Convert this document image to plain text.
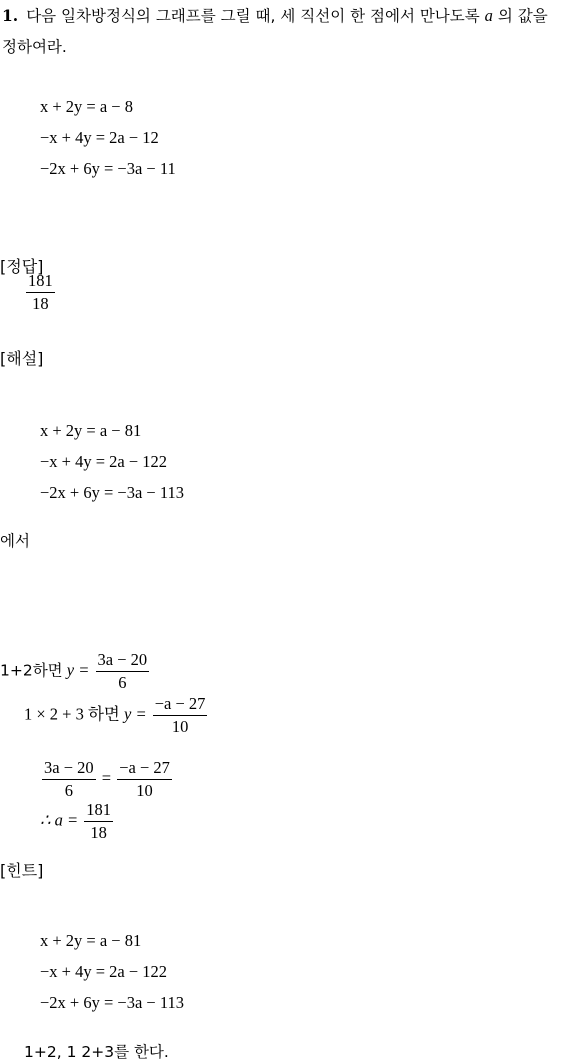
1. 다음 일차방정식의 그래프를 그릴 때, 세 직선이 한 점에서 만나도록 a 의 값을 정하여라.
x + 2y = a − 8
−x + 4y = 2a − 12
−2x + 6y = −3a − 11
[정답]
$\frac{181}{18}$
[해설]
x + 2y = a − 81
−x + 4y = 2a − 122
−2x + 6y = −3a − 113
에서
1+2하면 $y = \frac{3a - 20}{6}$
1 × 2 + 3 하면 $y = \frac{-a - 27}{10}$
$\frac{3a - 20}{6} = \frac{-a - 27}{10}$
∴ $a = \frac{181}{18}$
[힌트]
x + 2y = a − 81
−x + 4y = 2a − 122
−2x + 6y = −3a − 113
1+2, 1 2+3를 한다.
